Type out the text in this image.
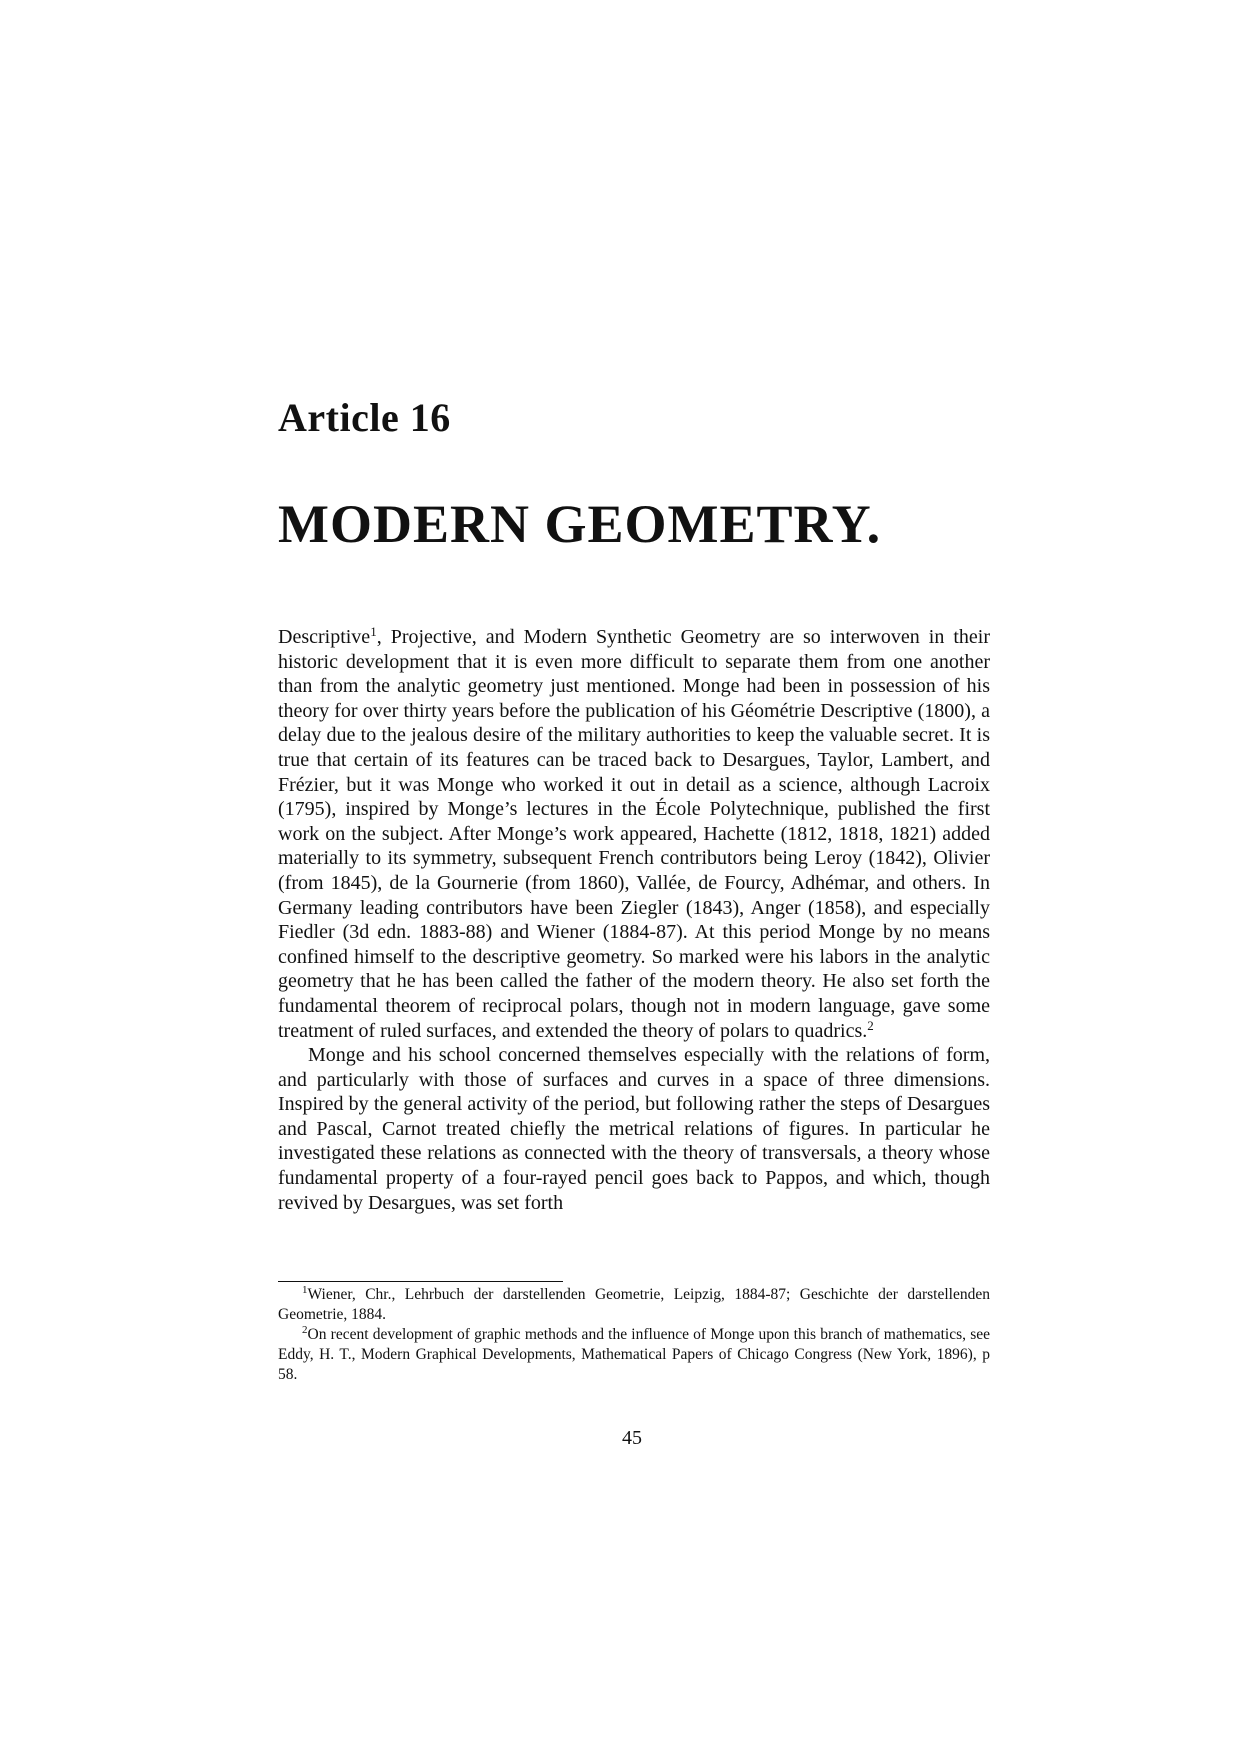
Article 16
MODERN GEOMETRY.

Descriptive$^1$, Projective, and Modern Synthetic Geometry are so interwoven in their historic development that it is even more difficult to separate them from one another than from the analytic geometry just mentioned. Monge had been in possession of his theory for over thirty years before the publication of his Géométrie Descriptive (1800), a delay due to the jealous desire of the military authorities to keep the valuable secret. It is true that certain of its features can be traced back to Desargues, Taylor, Lambert, and Frézier, but it was Monge who worked it out in detail as a science, although Lacroix (1795), inspired by Monge’s lectures in the École Polytechnique, published the first work on the subject. After Monge’s work appeared, Hachette (1812, 1818, 1821) added materially to its symmetry, subsequent French contributors being Leroy (1842), Olivier (from 1845), de la Gournerie (from 1860), Vallée, de Fourcy, Adhémar, and others. In Germany leading contributors have been Ziegler (1843), Anger (1858), and especially Fiedler (3d edn. 1883-88) and Wiener (1884-87). At this period Monge by no means confined himself to the descriptive geometry. So marked were his labors in the analytic geometry that he has been called the father of the modern theory. He also set forth the fundamental theorem of reciprocal polars, though not in modern language, gave some treatment of ruled surfaces, and extended the theory of polars to quadrics.$^2$

Monge and his school concerned themselves especially with the relations of form, and particularly with those of surfaces and curves in a space of three dimensions. Inspired by the general activity of the period, but following rather the steps of Desargues and Pascal, Carnot treated chiefly the metrical relations of figures. In particular he investigated these relations as connected with the theory of transversals, a theory whose fundamental property of a four-rayed pencil goes back to Pappos, and which, though revived by Desargues, was set forth

$^1$Wiener, Chr., Lehrbuch der darstellenden Geometrie, Leipzig, 1884-87; Geschichte der darstellenden Geometrie, 1884.

$^2$On recent development of graphic methods and the influence of Monge upon this branch of mathematics, see Eddy, H. T., Modern Graphical Developments, Mathematical Papers of Chicago Congress (New York, 1896), p 58.

45
